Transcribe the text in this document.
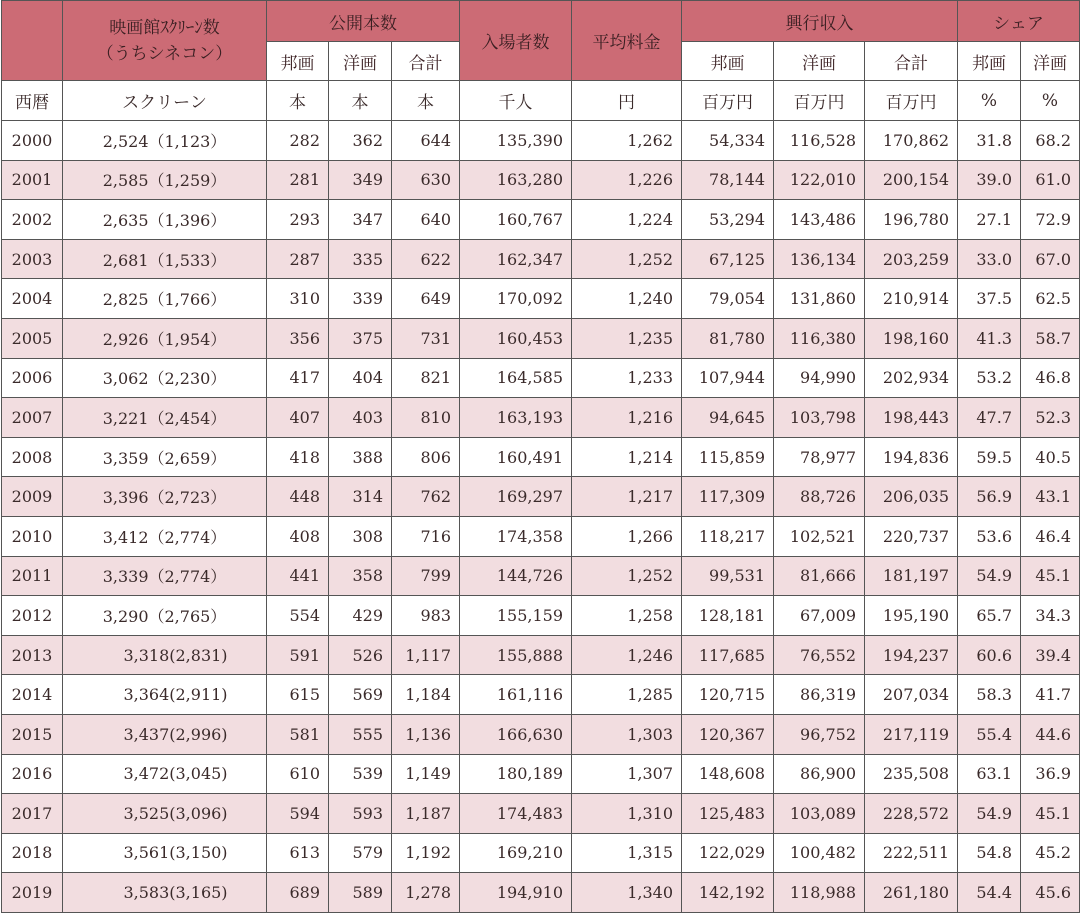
	映画館ｽｸﾘｰﾝ数
（うちシネコン）	公開本数			入場者数	平均料金	興行収入			シェア	
		邦画	洋画	合計			邦画	洋画	合計	邦画	洋画
西暦	スクリーン	本	本	本	千人	円	百万円	百万円	百万円	%	%
2000	2,524（1,123）	282	362	644	135,390	1,262	54,334	116,528	170,862	31.8	68.2
2001	2,585（1,259）	281	349	630	163,280	1,226	78,144	122,010	200,154	39.0	61.0
2002	2,635（1,396）	293	347	640	160,767	1,224	53,294	143,486	196,780	27.1	72.9
2003	2,681（1,533）	287	335	622	162,347	1,252	67,125	136,134	203,259	33.0	67.0
2004	2,825（1,766）	310	339	649	170,092	1,240	79,054	131,860	210,914	37.5	62.5
2005	2,926（1,954）	356	375	731	160,453	1,235	81,780	116,380	198,160	41.3	58.7
2006	3,062（2,230）	417	404	821	164,585	1,233	107,944	94,990	202,934	53.2	46.8
2007	3,221（2,454）	407	403	810	163,193	1,216	94,645	103,798	198,443	47.7	52.3
2008	3,359（2,659）	418	388	806	160,491	1,214	115,859	78,977	194,836	59.5	40.5
2009	3,396（2,723）	448	314	762	169,297	1,217	117,309	88,726	206,035	56.9	43.1
2010	3,412（2,774）	408	308	716	174,358	1,266	118,217	102,521	220,737	53.6	46.4
2011	3,339（2,774）	441	358	799	144,726	1,252	99,531	81,666	181,197	54.9	45.1
2012	3,290（2,765）	554	429	983	155,159	1,258	128,181	67,009	195,190	65.7	34.3
2013	3,318(2,831)	591	526	1,117	155,888	1,246	117,685	76,552	194,237	60.6	39.4
2014	3,364(2,911)	615	569	1,184	161,116	1,285	120,715	86,319	207,034	58.3	41.7
2015	3,437(2,996)	581	555	1,136	166,630	1,303	120,367	96,752	217,119	55.4	44.6
2016	3,472(3,045)	610	539	1,149	180,189	1,307	148,608	86,900	235,508	63.1	36.9
2017	3,525(3,096)	594	593	1,187	174,483	1,310	125,483	103,089	228,572	54.9	45.1
2018	3,561(3,150)	613	579	1,192	169,210	1,315	122,029	100,482	222,511	54.8	45.2
2019	3,583(3,165)	689	589	1,278	194,910	1,340	142,192	118,988	261,180	54.4	45.6
